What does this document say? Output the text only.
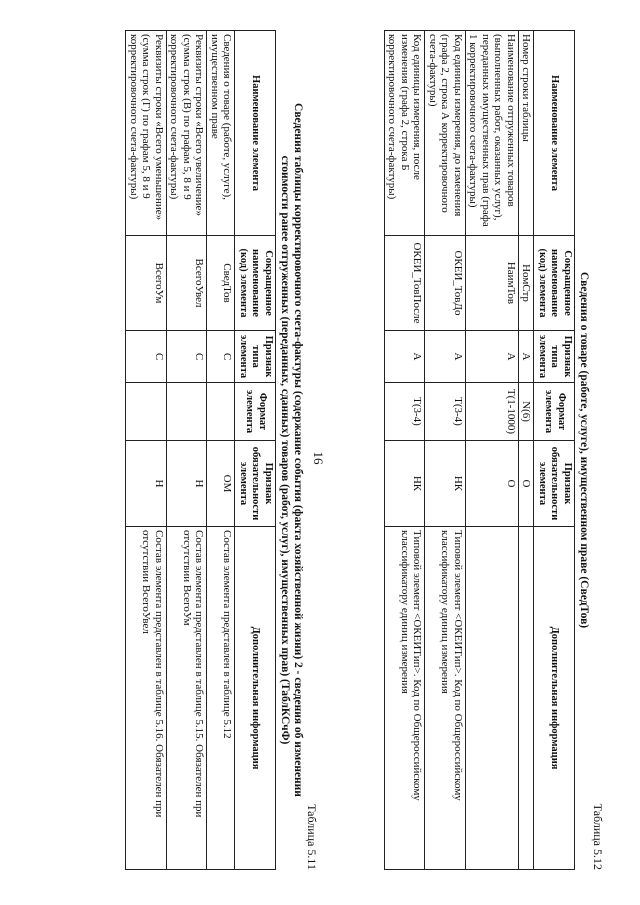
16
Таблица 5.11
Сведения таблицы корректировочного счета-фактуры (содержание события (факта хозяйственной жизни) 2 - сведения об изменении
стоимости ранее отгруженных (переданных, сданных) товаров (работ, услуг), имущественных прав) (ТаблКСчФ)
Наименование элемента	Сокращенное наименование (код) элемента	Признак типа элемента	Формат элемента	Признак обязательности элемента	Дополнительная информация
Сведения о товаре (работе, услуге), имущественном праве	СведТов	С		ОМ	Состав элемента представлен в таблице 5.12
Реквизиты строки «Всего увеличение» (сумма строк (В) по графам 5, 8 и 9 корректировочного счета-фактуры)	ВсегоУвел	С		Н	Состав элемента представлен в таблице 5.15. Обязателен при отсутствии ВсегоУм
Реквизиты строки «Всего уменьшение» (сумма строк (Г) по графам 5, 8 и 9 корректировочного счета-фактуры)	ВсегоУм	С		Н	Состав элемента представлен в таблице 5.16. Обязателен при отсутствии ВсегоУвел
Таблица 5.12
Сведения о товаре (работе, услуге), имущественном праве (СведТов)
Наименование элемента	Сокращенное наименование (код) элемента	Признак типа элемента	Формат элемента	Признак обязательности элемента	Дополнительная информация
Номер строки таблицы	НомСтр	А	N(6)	О	
Наименование отгруженных товаров (выполненных работ, оказанных услуг), переданных имущественных прав (графа 1 корректировочного счета-фактуры)	НаимТов	А	Т(1-1000)	О	
Код единицы измерения, до изменения (графа 2, строка А корректировочного счета-фактуры)	ОКЕИ_ТовДо	А	Т(3-4)	НК	Типовой элемент <ОКЕИТип>. Код по Общероссийскому классификатору единиц измерения
Код единицы измерения, после изменения (графа 2, строка Б корректировочного счета-фактуры)	ОКЕИ_ТовПосле	А	Т(3-4)	НК	Типовой элемент <ОКЕИТип>. Код по Общероссийскому классификатору единиц измерения
